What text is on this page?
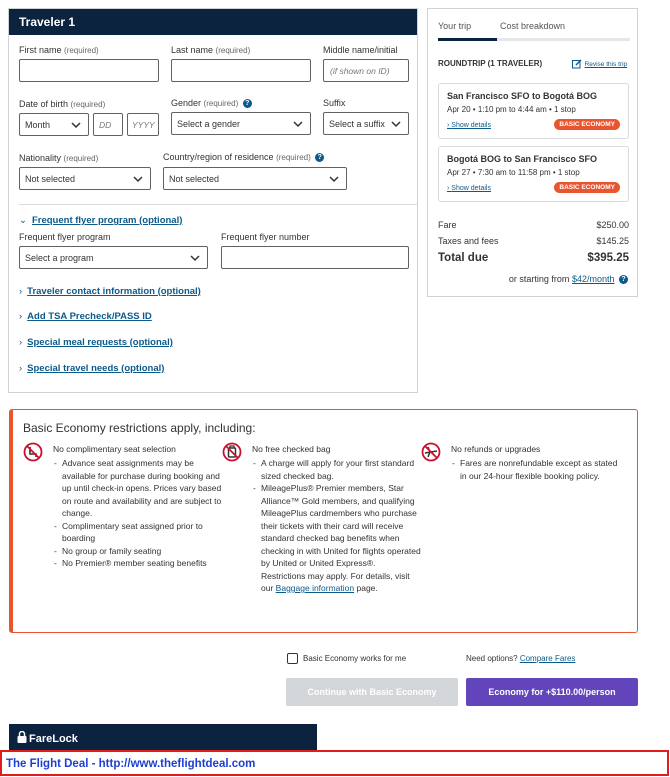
Traveler 1
First name (required)	Last name (required)	Middle name/initial
(if shown on ID)
Date of birth (required)
Month	DD YYYY
Gender (required) ?
Select a gender
Suffix
Select a suffix
Nationality (required)
Not selected
Country/region of residence (required) ?
Not selected
⌄ Frequent flyer program (optional)
Frequent flyer program
Select a program
Frequent flyer number
› Traveler contact information (optional)
› Add TSA Precheck/PASS ID
› Special meal requests (optional)
› Special travel needs (optional)
Your trip	Cost breakdown
ROUNDTRIP (1 TRAVELER)	Revise this trip
San Francisco SFO to Bogotá BOG
Apr 20 • 1:10 pm to 4:44 am • 1 stop
› Show details	BASIC ECONOMY
Bogotá BOG to San Francisco SFO
Apr 27 • 7:30 am to 11:58 pm • 1 stop
› Show details	BASIC ECONOMY
Fare	$250.00
Taxes and fees	$145.25
Total due	$395.25
or starting from $42/month ?
Basic Economy restrictions apply, including:
No complimentary seat selection
- Advance seat assignments may be available for purchase during booking and up until check-in opens. Prices vary based on route and availability and are subject to change.
- Complimentary seat assigned prior to boarding
- No group or family seating
- No Premier® member seating benefits
No free checked bag
- A charge will apply for your first standard sized checked bag.
- MileagePlus® Premier members, Star Alliance™ Gold members, and qualifying MileagePlus cardmembers who purchase their tickets with their card will receive standard checked bag benefits when checking in with United for flights operated by United or United Express®. Restrictions may apply. For details, visit our Baggage information page.
No refunds or upgrades
- Fares are nonrefundable except as stated in our 24-hour flexible booking policy.
Basic Economy works for me	Need options? Compare Fares
Continue with Basic Economy	Economy for +$110.00/person
FareLock
The Flight Deal - http://www.theflightdeal.com
